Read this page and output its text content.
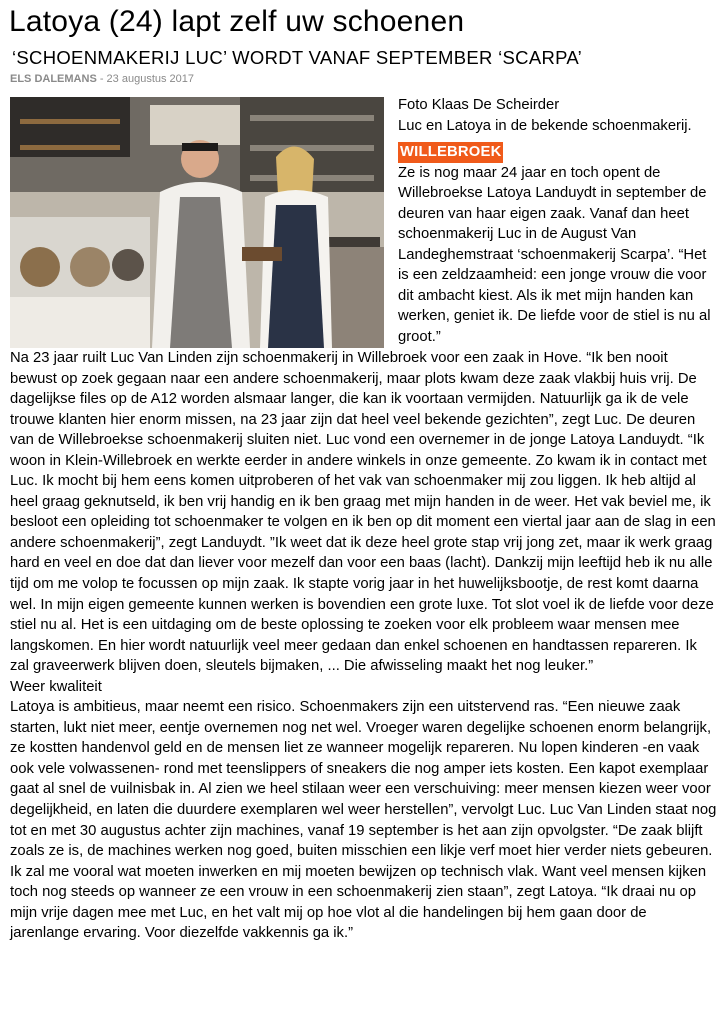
Latoya (24) lapt zelf uw schoenen
‘SCHOENMAKERIJ LUC’ WORDT VANAF SEPTEMBER ‘SCARPA’
ELS DALEMANS - 23 augustus 2017
Foto Klaas De Scheirder
Luc en Latoya in de bekende schoenmakerij.
WILLEBROEK
Ze is nog maar 24 jaar en toch opent de Willebroekse Latoya Landuydt in september de deuren van haar eigen zaak. Vanaf dan heet schoenmakerij Luc in de August Van Landeghemstraat ‘schoenmakerij Scarpa’. “Het is een zeldzaamheid: een jonge vrouw die voor dit ambacht kiest. Als ik met mijn handen kan werken, geniet ik. De liefde voor de stiel is nu al groot.”

Na 23 jaar ruilt Luc Van Linden zijn schoenmakerij in Willebroek voor een zaak in Hove. “Ik ben nooit bewust op zoek gegaan naar een andere schoenmakerij, maar plots kwam deze zaak vlakbij huis vrij. De dagelijkse files op de A12 worden alsmaar langer, die kan ik voortaan vermijden. Natuurlijk ga ik de vele trouwe klanten hier enorm missen, na 23 jaar zijn dat heel veel bekende gezichten”, zegt Luc. De deuren van de Willebroekse schoenmakerij sluiten niet. Luc vond een overnemer in de jonge Latoya Landuydt. “Ik woon in Klein-Willebroek en werkte eerder in andere winkels in onze gemeente. Zo kwam ik in contact met Luc. Ik mocht bij hem eens komen uitproberen of het vak van schoenmaker mij zou liggen. Ik heb altijd al heel graag geknutseld, ik ben vrij handig en ik ben graag met mijn handen in de weer. Het vak beviel me, ik besloot een opleiding tot schoenmaker te volgen en ik ben op dit moment een viertal jaar aan de slag in een andere schoenmakerij”, zegt Landuydt. ”Ik weet dat ik deze heel grote stap vrij jong zet, maar ik werk graag hard en veel en doe dat dan liever voor mezelf dan voor een baas (lacht). Dankzij mijn leeftijd heb ik nu alle tijd om me volop te focussen op mijn zaak. Ik stapte vorig jaar in het huwelijksbootje, de rest komt daarna wel. In mijn eigen gemeente kunnen werken is bovendien een grote luxe. Tot slot voel ik de liefde voor deze stiel nu al. Het is een uitdaging om de beste oplossing te zoeken voor elk probleem waar mensen mee langskomen. En hier wordt natuurlijk veel meer gedaan dan enkel schoenen en handtassen repareren. Ik zal graveerwerk blijven doen, sleutels bijmaken, ... Die afwisseling maakt het nog leuker.”

Weer kwaliteit

Latoya is ambitieus, maar neemt een risico. Schoenmakers zijn een uitstervend ras. “Een nieuwe zaak starten, lukt niet meer, eentje overnemen nog net wel. Vroeger waren degelijke schoenen enorm belangrijk, ze kostten handenvol geld en de mensen liet ze wanneer mogelijk repareren. Nu lopen kinderen -en vaak ook vele volwassenen- rond met teenslippers of sneakers die nog amper iets kosten. Een kapot exemplaar gaat al snel de vuilnisbak in. Al zien we heel stilaan weer een verschuiving: meer mensen kiezen weer voor degelijkheid, en laten die duurdere exemplaren wel weer herstellen”, vervolgt Luc. Luc Van Linden staat nog tot en met 30 augustus achter zijn machines, vanaf 19 september is het aan zijn opvolgster. “De zaak blijft zoals ze is, de machines werken nog goed, buiten misschien een likje verf moet hier verder niets gebeuren. Ik zal me vooral wat moeten inwerken en mij moeten bewijzen op technisch vlak. Want veel mensen kijken toch nog steeds op wanneer ze een vrouw in een schoenmakerij zien staan”, zegt Latoya. “Ik draai nu op mijn vrije dagen mee met Luc, en het valt mij op hoe vlot al die handelingen bij hem gaan door de jarenlange ervaring. Voor diezelfde vakkennis ga ik.”
